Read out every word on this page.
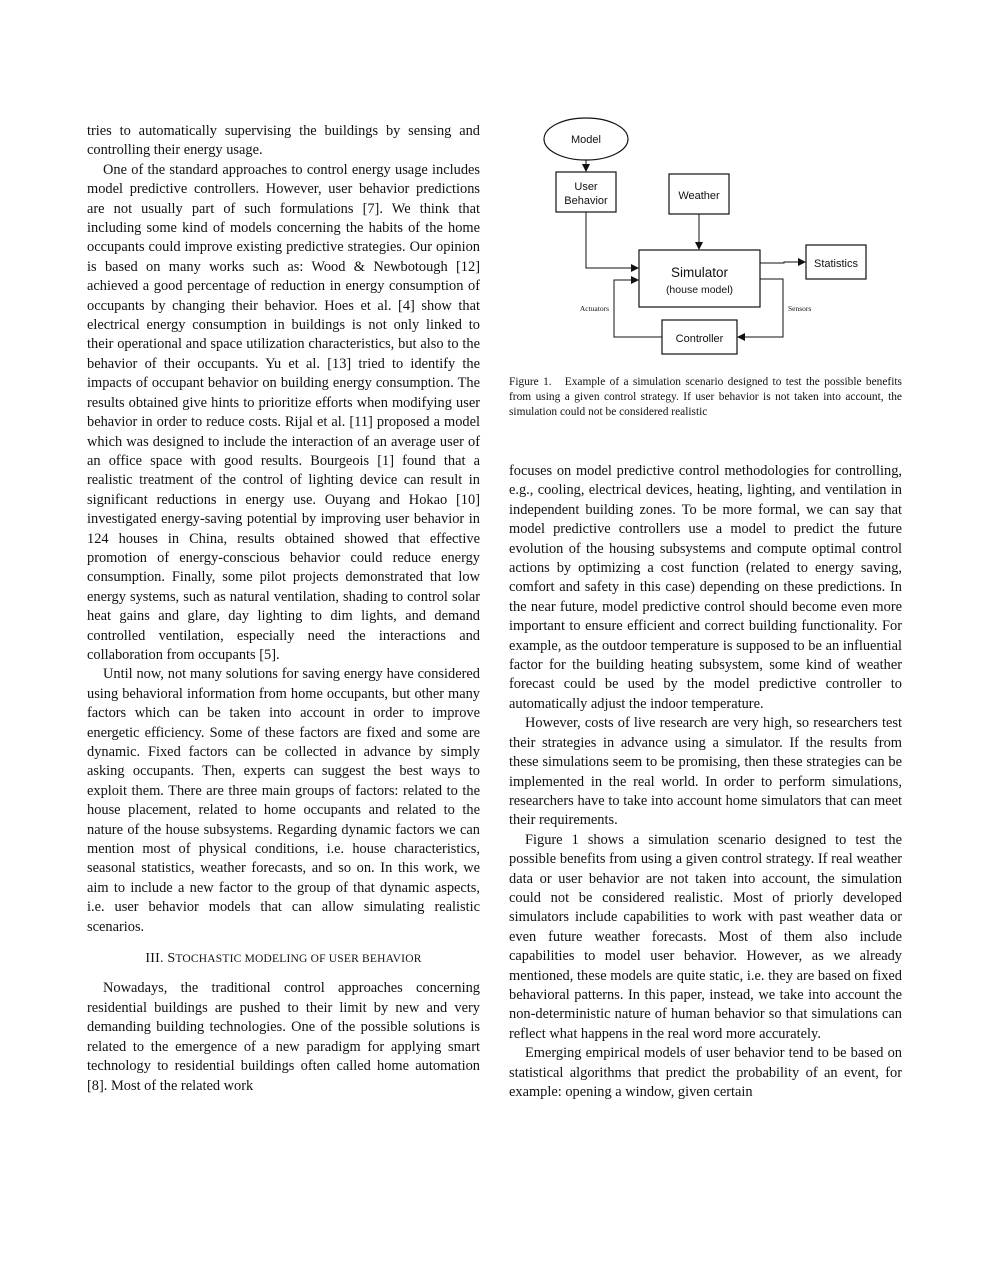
tries to automatically supervising the buildings by sensing and controlling their energy usage.

One of the standard approaches to control energy usage includes model predictive controllers. However, user behavior predictions are not usually part of such formulations [7]. We think that including some kind of models concerning the habits of the home occupants could improve existing predictive strategies. Our opinion is based on many works such as: Wood & Newbotough [12] achieved a good percentage of reduction in energy consumption of occupants by changing their behavior. Hoes et al. [4] show that electrical energy consumption in buildings is not only linked to their operational and space utilization characteristics, but also to the behavior of their occupants. Yu et al. [13] tried to identify the impacts of occupant behavior on building energy consumption. The results obtained give hints to prioritize efforts when modifying user behavior in order to reduce costs. Rijal et al. [11] proposed a model which was designed to include the interaction of an average user of an office space with good results. Bourgeois [1] found that a realistic treatment of the control of lighting device can result in significant reductions in energy use. Ouyang and Hokao [10] investigated energy-saving potential by improving user behavior in 124 houses in China, results obtained showed that effective promotion of energy-conscious behavior could reduce energy consumption. Finally, some pilot projects demonstrated that low energy systems, such as natural ventilation, shading to control solar heat gains and glare, day lighting to dim lights, and demand controlled ventilation, especially need the interactions and collaboration from occupants [5].

Until now, not many solutions for saving energy have considered using behavioral information from home occupants, but other many factors which can be taken into account in order to improve energetic efficiency. Some of these factors are fixed and some are dynamic. Fixed factors can be collected in advance by simply asking occupants. Then, experts can suggest the best ways to exploit them. There are three main groups of factors: related to the house placement, related to home occupants and related to the nature of the house subsystems. Regarding dynamic factors we can mention most of physical conditions, i.e. house characteristics, seasonal statistics, weather forecasts, and so on. In this work, we aim to include a new factor to the group of that dynamic aspects, i.e. user behavior models that can allow simulating realistic scenarios.

III. STOCHASTIC MODELING OF USER BEHAVIOR

Nowadays, the traditional control approaches concerning residential buildings are pushed to their limit by new and very demanding building technologies. One of the possible solutions is related to the emergence of a new paradigm for applying smart technology to residential buildings often called home automation [8]. Most of the related work

Model
User
Behavior	Weather
Simulator
(house model)
Statistics
Controller
Actuators	Sensors
Figure 1. Example of a simulation scenario designed to test the possible benefits from using a given control strategy. If user behavior is not taken into account, the simulation could not be considered realistic

focuses on model predictive control methodologies for controlling, e.g., cooling, electrical devices, heating, lighting, and ventilation in independent building zones. To be more formal, we can say that model predictive controllers use a model to predict the future evolution of the housing subsystems and compute optimal control actions by optimizing a cost function (related to energy saving, comfort and safety in this case) depending on these predictions. In the near future, model predictive control should become even more important to ensure efficient and correct building functionality. For example, as the outdoor temperature is supposed to be an influential factor for the building heating subsystem, some kind of weather forecast could be used by the model predictive controller to automatically adjust the indoor temperature.

However, costs of live research are very high, so researchers test their strategies in advance using a simulator. If the results from these simulations seem to be promising, then these strategies can be implemented in the real world. In order to perform simulations, researchers have to take into account home simulators that can meet their requirements.

Figure 1 shows a simulation scenario designed to test the possible benefits from using a given control strategy. If real weather data or user behavior are not taken into account, the simulation could not be considered realistic. Most of priorly developed simulators include capabilities to work with past weather data or even future weather forecasts. Most of them also include capabilities to model user behavior. However, as we already mentioned, these models are quite static, i.e. they are based on fixed behavioral patterns. In this paper, instead, we take into account the non-deterministic nature of human behavior so that simulations can reflect what happens in the real word more accurately.

Emerging empirical models of user behavior tend to be based on statistical algorithms that predict the probability of an event, for example: opening a window, given certain
